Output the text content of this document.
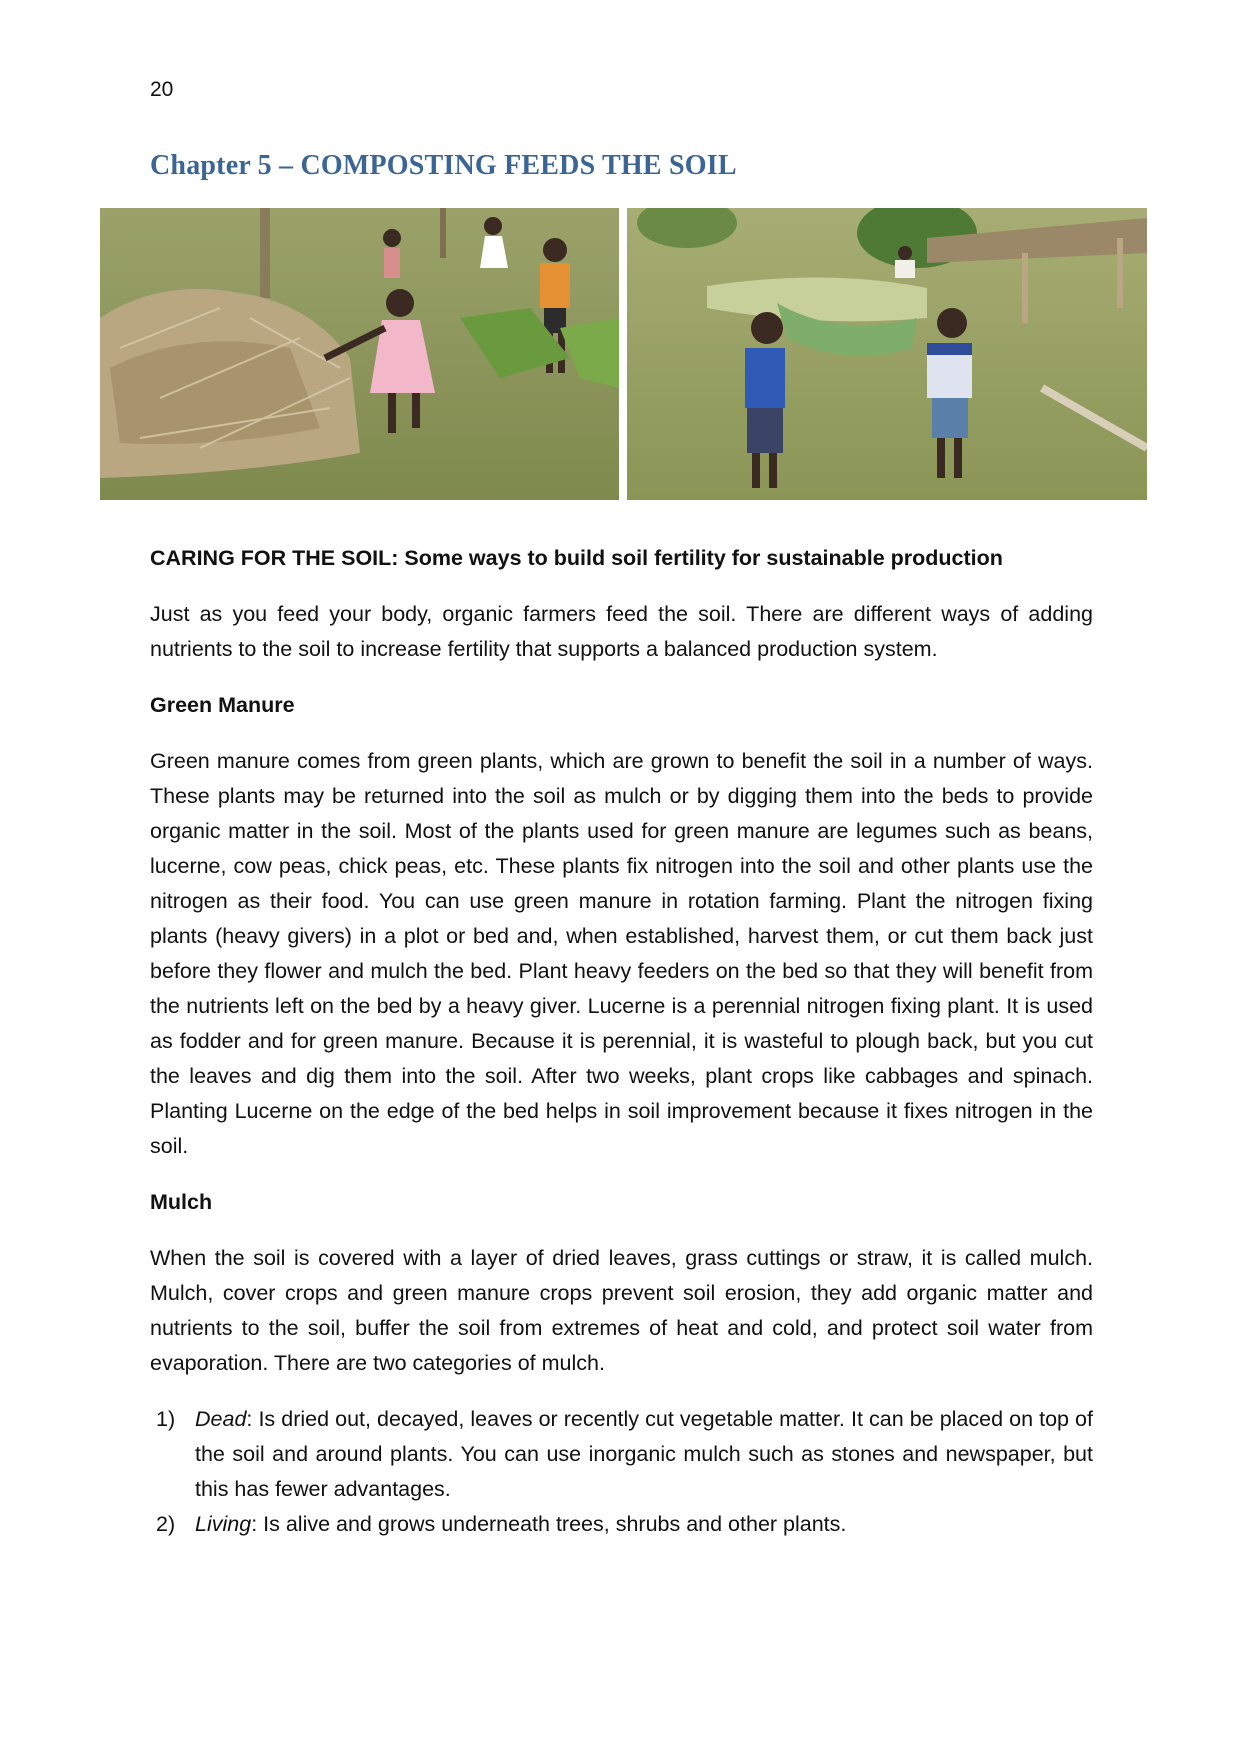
20
Chapter 5 – COMPOSTING FEEDS THE SOIL

CARING FOR THE SOIL: Some ways to build soil fertility for sustainable production

Just as you feed your body, organic farmers feed the soil. There are different ways of adding nutrients to the soil to increase fertility that supports a balanced production system.

Green Manure

Green manure comes from green plants, which are grown to benefit the soil in a number of ways. These plants may be returned into the soil as mulch or by digging them into the beds to provide organic matter in the soil. Most of the plants used for green manure are legumes such as beans, lucerne, cow peas, chick peas, etc. These plants fix nitrogen into the soil and other plants use the nitrogen as their food. You can use green manure in rotation farming. Plant the nitrogen fixing plants (heavy givers) in a plot or bed and, when established, harvest them, or cut them back just before they flower and mulch the bed. Plant heavy feeders on the bed so that they will benefit from the nutrients left on the bed by a heavy giver. Lucerne is a perennial nitrogen fixing plant. It is used as fodder and for green manure. Because it is perennial, it is wasteful to plough back, but you cut the leaves and dig them into the soil. After two weeks, plant crops like cabbages and spinach. Planting Lucerne on the edge of the bed helps in soil improvement because it fixes nitrogen in the soil.

Mulch

When the soil is covered with a layer of dried leaves, grass cuttings or straw, it is called mulch. Mulch, cover crops and green manure crops prevent soil erosion, they add organic matter and nutrients to the soil, buffer the soil from extremes of heat and cold, and protect soil water from evaporation. There are two categories of mulch.

1) Dead: Is dried out, decayed, leaves or recently cut vegetable matter. It can be placed on top of the soil and around plants. You can use inorganic mulch such as stones and newspaper, but this has fewer advantages.
2) Living: Is alive and grows underneath trees, shrubs and other plants.
